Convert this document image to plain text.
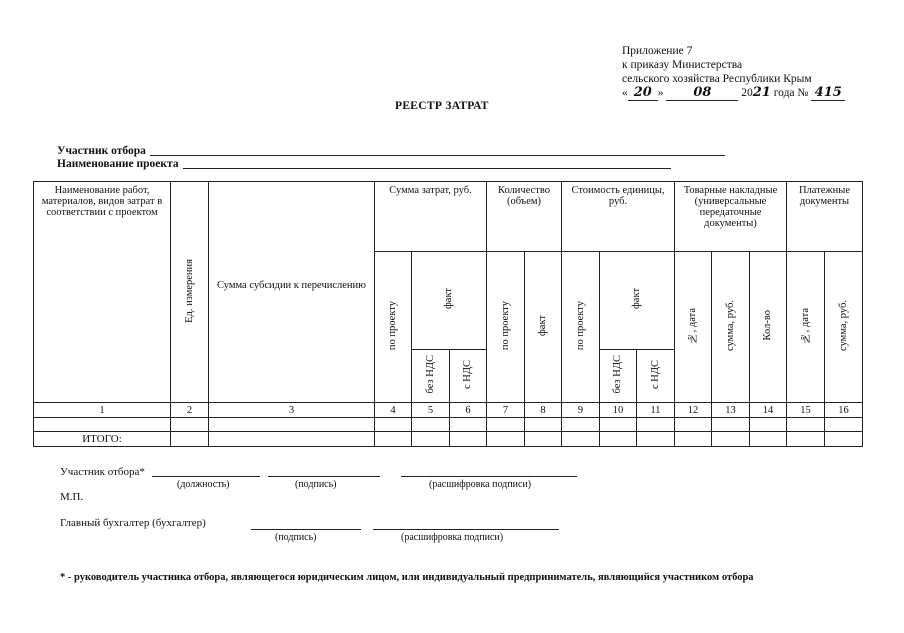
Приложение 7
к приказу Министерства
сельского хозяйства Республики Крым
« 20 » 08	2021 года № 415
РЕЕСТР ЗАТРАТ
Участник отбора
Наименование проекта
Наименование работ, материалов, видов затрат в соответствии с проектом	Ед. измерения	Сумма субсидии к перечислению	Сумма затрат, руб.			Количество (объем)		Стоимость единицы, руб.			Товарные накладные (универсальные передаточные документы)			Платежные документы	
			по проекту	факт		по проекту	факт	по проекту	факт		№, дата	сумма, руб.	Кол-во	№, дата	сумма, руб.
				без НДС	с НДС				без НДС	с НДС					
1	2	3	4	5	6	7	8	9	10	11	12	13	14	15	16

ИТОГО:															
Участник отбора*
(должность)	(подпись)	(расшифровка подписи)
М.П.
Главный бухгалтер (бухгалтер)
(подпись)	(расшифровка подписи)
* - руководитель участника отбора, являющегося юридическим лицом, или индивидуальный предприниматель, являющийся участником отбора
